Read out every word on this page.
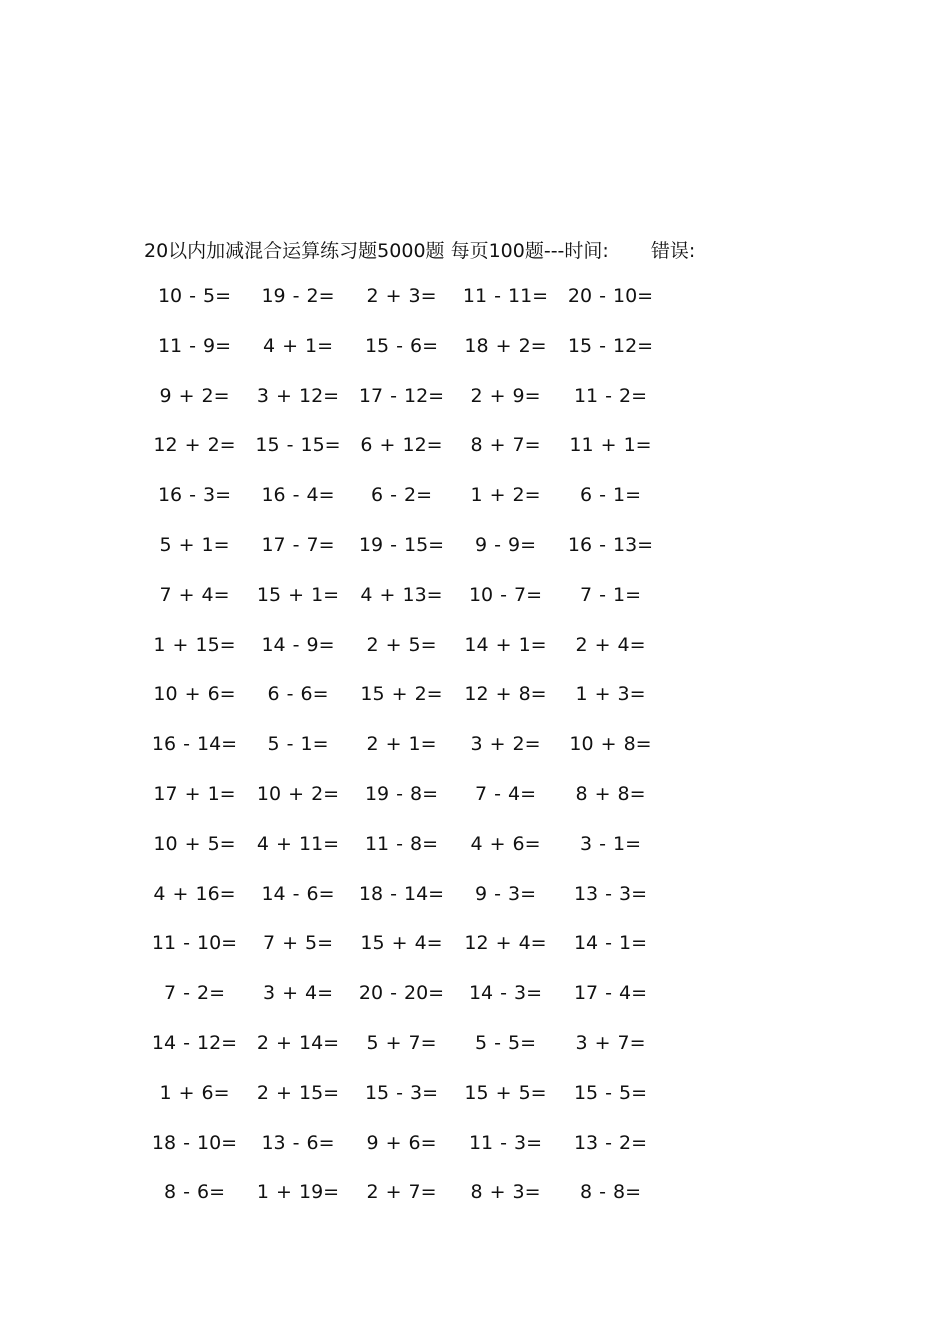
20以内加减混合运算练习题5000题 每页100题---时间: 错误:
10 - 5=	19 - 2=	2 + 3=	11 - 11=	20 - 10=
11 - 9=	4 + 1=	15 - 6=	18 + 2=	15 - 12=
9 + 2=	3 + 12=	17 - 12=	2 + 9=	11 - 2=
12 + 2=	15 - 15=	6 + 12=	8 + 7=	11 + 1=
16 - 3=	16 - 4=	6 - 2=	1 + 2=	6 - 1=
5 + 1=	17 - 7=	19 - 15=	9 - 9=	16 - 13=
7 + 4=	15 + 1=	4 + 13=	10 - 7=	7 - 1=
1 + 15=	14 - 9=	2 + 5=	14 + 1=	2 + 4=
10 + 6=	6 - 6=	15 + 2=	12 + 8=	1 + 3=
16 - 14=	5 - 1=	2 + 1=	3 + 2=	10 + 8=
17 + 1=	10 + 2=	19 - 8=	7 - 4=	8 + 8=
10 + 5=	4 + 11=	11 - 8=	4 + 6=	3 - 1=
4 + 16=	14 - 6=	18 - 14=	9 - 3=	13 - 3=
11 - 10=	7 + 5=	15 + 4=	12 + 4=	14 - 1=
7 - 2=	3 + 4=	20 - 20=	14 - 3=	17 - 4=
14 - 12=	2 + 14=	5 + 7=	5 - 5=	3 + 7=
1 + 6=	2 + 15=	15 - 3=	15 + 5=	15 - 5=
18 - 10=	13 - 6=	9 + 6=	11 - 3=	13 - 2=
8 - 6=	1 + 19=	2 + 7=	8 + 3=	8 - 8=
